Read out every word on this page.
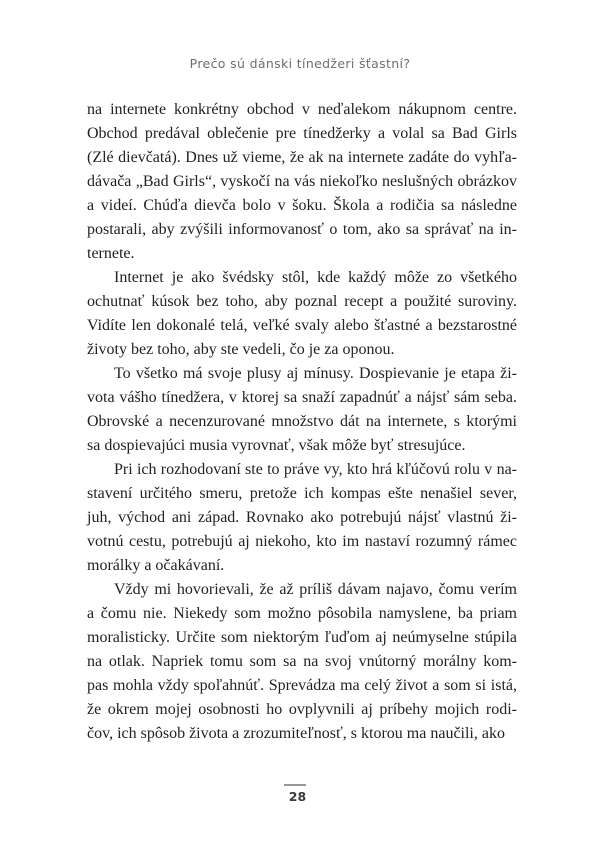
Prečo sú dánski tínedžeri šťastní?
na internete konkrétny obchod v neďalekom nákupnom centre.
Obchod predával oblečenie pre tínedžerky a volal sa Bad Girls
(Zlé dievčatá). Dnes už vieme, že ak na internete zadáte do vyhľa-
dávača „Bad Girls“, vyskočí na vás niekoľko neslušných obrázkov
a videí. Chúďa dievča bolo v šoku. Škola a rodičia sa následne
postarali, aby zvýšili informovanosť o tom, ako sa správať na in-
ternete.
Internet je ako švédsky stôl, kde každý môže zo všetkého
ochutnať kúsok bez toho, aby poznal recept a použité suroviny.
Vidíte len dokonalé telá, veľké svaly alebo šťastné a bezstarostné
životy bez toho, aby ste vedeli, čo je za oponou.
To všetko má svoje plusy aj mínusy. Dospievanie je etapa ži-
vota vášho tínedžera, v ktorej sa snaží zapadnúť a nájsť sám seba.
Obrovské a necenzurované množstvo dát na internete, s ktorými
sa dospievajúci musia vyrovnať, však môže byť stresujúce.
Pri ich rozhodovaní ste to práve vy, kto hrá kľúčovú rolu v na-
stavení určitého smeru, pretože ich kompas ešte nenašiel sever,
juh, východ ani západ. Rovnako ako potrebujú nájsť vlastnú ži-
votnú cestu, potrebujú aj niekoho, kto im nastaví rozumný rámec
morálky a očakávaní.
Vždy mi hovorievali, že až príliš dávam najavo, čomu verím
a čomu nie. Niekedy som možno pôsobila namyslene, ba priam
moralisticky. Určite som niektorým ľuďom aj neúmyselne stúpila
na otlak. Napriek tomu som sa na svoj vnútorný morálny kom-
pas mohla vždy spoľahnúť. Sprevádza ma celý život a som si istá,
že okrem mojej osobnosti ho ovplyvnili aj príbehy mojich rodi-
čov, ich spôsob života a zrozumiteľnosť, s ktorou ma naučili, ako
28
